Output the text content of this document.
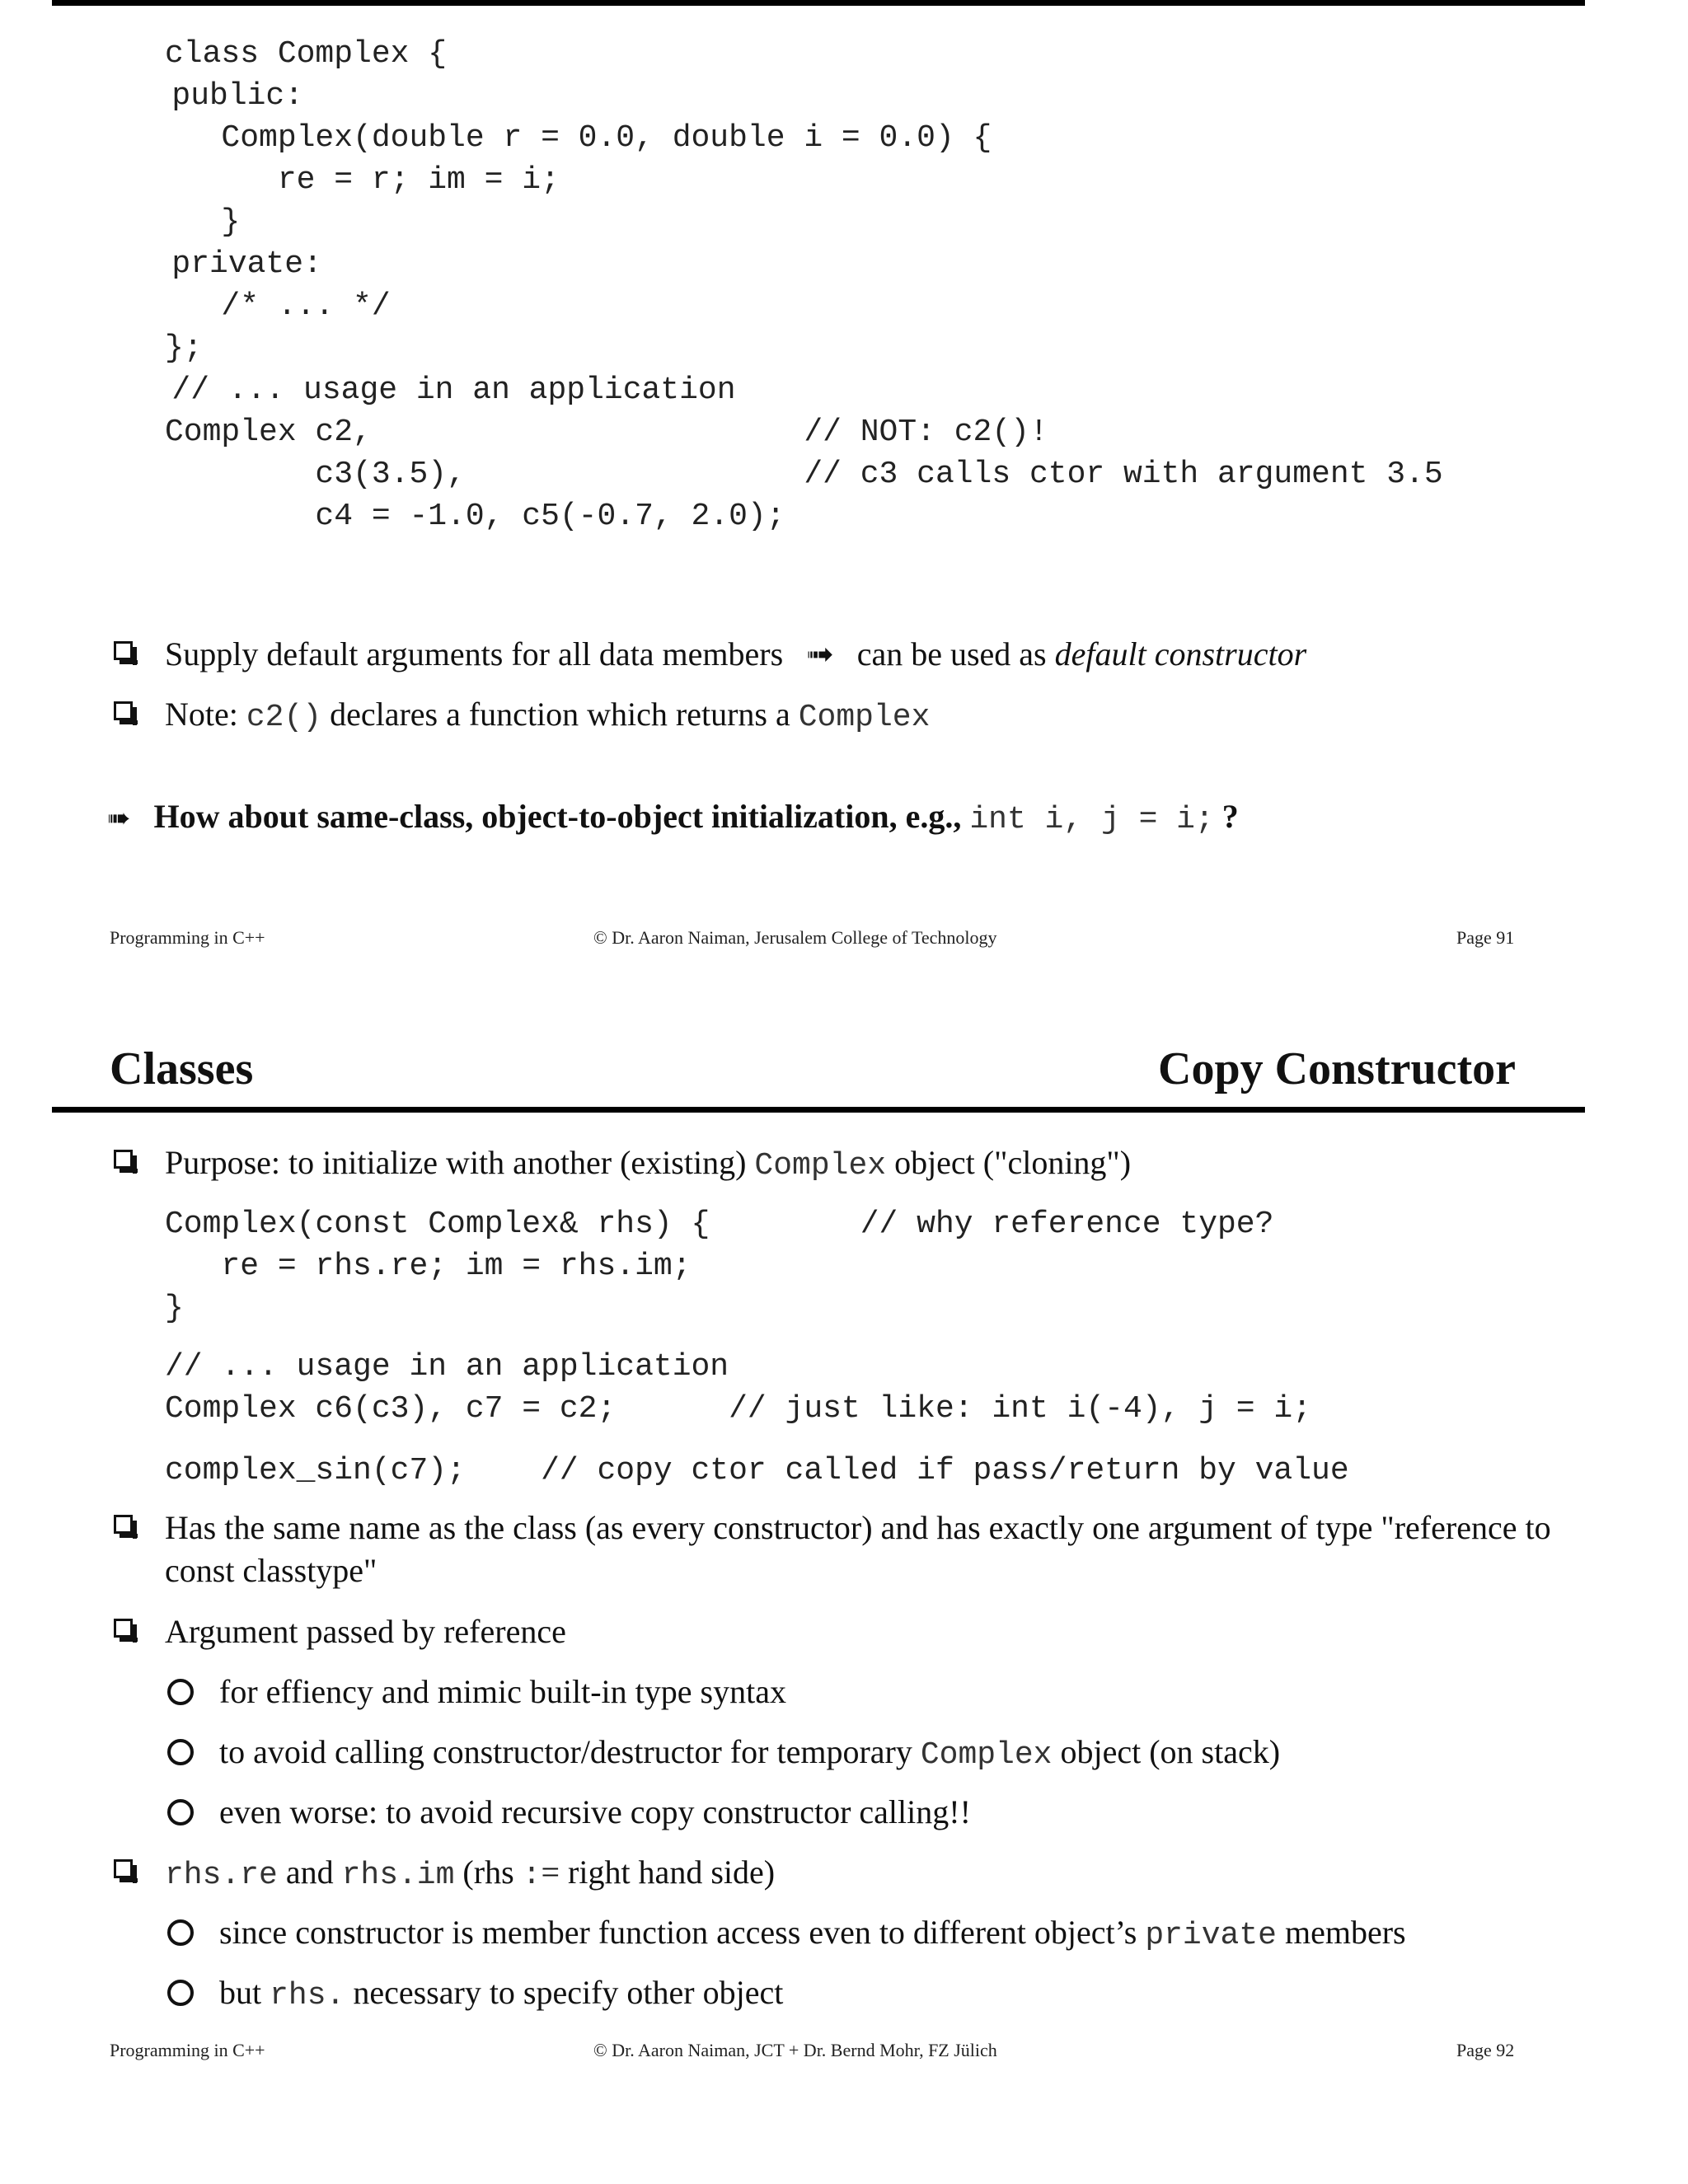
class Complex {
public:
Complex(double r = 0.0, double i = 0.0) {
re = r; im = i;
}
private:
/* ... */
};
// ... usage in an application
Complex c2,                       // NOT: c2()!
c3(3.5),                  // c3 calls ctor with argument 3.5
c4 = -1.0, c5(-0.7, 2.0);
Supply default arguments for all data members ➟ can be used as default constructor
Note: c2() declares a function which returns a Complex
➠ How about same-class, object-to-object initialization, e.g., int i, j = i; ?
Programming in C++	© Dr. Aaron Naiman, Jerusalem College of Technology	Page 91
Classes	Copy Constructor
Purpose: to initialize with another (existing) Complex object ("cloning")
Complex(const Complex& rhs) {        // why reference type?
re = rhs.re; im = rhs.im;
}
// ... usage in an application
Complex c6(c3), c7 = c2;      // just like: int i(-4), j = i;
complex_sin(c7);    // copy ctor called if pass/return by value
Has the same name as the class (as every constructor) and has exactly one argument of type "reference to const classtype"
Argument passed by reference
for effiency and mimic built-in type syntax
to avoid calling constructor/destructor for temporary Complex object (on stack)
even worse: to avoid recursive copy constructor calling!!
rhs.re and rhs.im (rhs := right hand side)
since constructor is member function access even to different object’s private members
but rhs. necessary to specify other object
Programming in C++	© Dr. Aaron Naiman, JCT + Dr. Bernd Mohr, FZ Jülich	Page 92
